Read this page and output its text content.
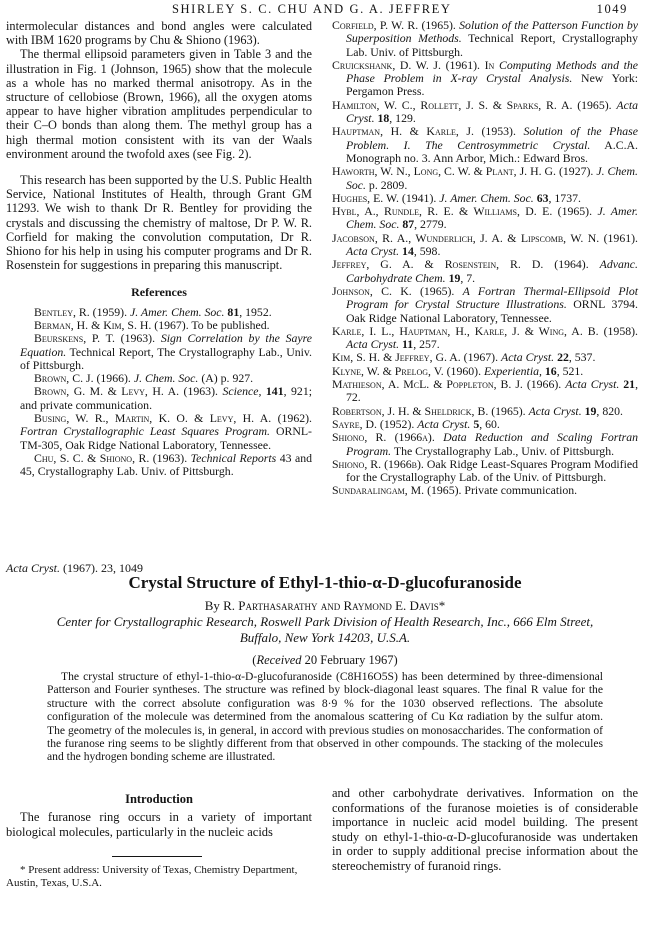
SHIRLEY S. C. CHU AND G. A. JEFFREY	1049

intermolecular distances and bond angles were calculated with IBM 1620 programs by Chu & Shiono (1963).

The thermal ellipsoid parameters given in Table 3 and the illustration in Fig. 1 (Johnson, 1965) show that the molecule as a whole has no marked thermal anisotropy. As in the structure of cellobiose (Brown, 1966), all the oxygen atoms appear to have higher vibration amplitudes perpendicular to their C–O bonds than along them. The methyl group has a high thermal motion consistent with its van der Waals environment around the twofold axes (see Fig. 2).

This research has been supported by the U.S. Public Health Service, National Institutes of Health, through Grant GM 11293. We wish to thank Dr R. Bentley for providing the crystals and discussing the chemistry of maltose, Dr P. W. R. Corfield for making the convolution computation, Dr R. Shiono for his help in using his computer programs and Dr R. Rosenstein for suggestions in preparing this manuscript.

References

Bentley, R. (1959). J. Amer. Chem. Soc. 81, 1952.

Berman, H. & Kim, S. H. (1967). To be published.

Beurskens, P. T. (1963). Sign Correlation by the Sayre Equation. Technical Report, The Crystallography Lab., Univ. of Pittsburgh.

Brown, C. J. (1966). J. Chem. Soc. (A) p. 927.

Brown, G. M. & Levy, H. A. (1963). Science, 141, 921; and private communication.

Busing, W. R., Martin, K. O. & Levy, H. A. (1962). Fortran Crystallographic Least Squares Program. ORNL-TM-305, Oak Ridge National Laboratory, Tennessee.

Chu, S. C. & Shiono, R. (1963). Technical Reports 43 and 45, Crystallography Lab. Univ. of Pittsburgh.

Corfield, P. W. R. (1965). Solution of the Patterson Function by Superposition Methods. Technical Report, Crystallography Lab. Univ. of Pittsburgh.

Cruickshank, D. W. J. (1961). In Computing Methods and the Phase Problem in X-ray Crystal Analysis. New York: Pergamon Press.

Hamilton, W. C., Rollett, J. S. & Sparks, R. A. (1965). Acta Cryst. 18, 129.

Hauptman, H. & Karle, J. (1953). Solution of the Phase Problem. I. The Centrosymmetric Crystal. A.C.A. Monograph no. 3. Ann Arbor, Mich.: Edward Bros.

Haworth, W. N., Long, C. W. & Plant, J. H. G. (1927). J. Chem. Soc. p. 2809.

Hughes, E. W. (1941). J. Amer. Chem. Soc. 63, 1737.

Hybl, A., Rundle, R. E. & Williams, D. E. (1965). J. Amer. Chem. Soc. 87, 2779.

Jacobson, R. A., Wunderlich, J. A. & Lipscomb, W. N. (1961). Acta Cryst. 14, 598.

Jeffrey, G. A. & Rosenstein, R. D. (1964). Advanc. Carbohydrate Chem. 19, 7.

Johnson, C. K. (1965). A Fortran Thermal-Ellipsoid Plot Program for Crystal Structure Illustrations. ORNL 3794. Oak Ridge National Laboratory, Tennessee.

Karle, I. L., Hauptman, H., Karle, J. & Wing, A. B. (1958). Acta Cryst. 11, 257.

Kim, S. H. & Jeffrey, G. A. (1967). Acta Cryst. 22, 537.

Klyne, W. & Prelog, V. (1960). Experientia, 16, 521.

Mathieson, A. McL. & Poppleton, B. J. (1966). Acta Cryst. 21, 72.

Robertson, J. H. & Sheldrick, B. (1965). Acta Cryst. 19, 820.

Sayre, D. (1952). Acta Cryst. 5, 60.

Shiono, R. (1966a). Data Reduction and Scaling Fortran Program. The Crystallography Lab., Univ. of Pittsburgh.

Shiono, R. (1966b). Oak Ridge Least-Squares Program Modified for the Crystallography Lab. of the Univ. of Pittsburgh.

Sundaralingam, M. (1965). Private communication.

Acta Cryst. (1967). 23, 1049
Crystal Structure of Ethyl-1-thio-α-D-glucofuranoside
By R. Parthasarathy and Raymond E. Davis*
Center for Crystallographic Research, Roswell Park Division of Health Research, Inc., 666 Elm Street, Buffalo, New York 14203, U.S.A.
(Received 20 February 1967)

The crystal structure of ethyl-1-thio-α-D-glucofuranoside (C8H16O5S) has been determined by three-dimensional Patterson and Fourier syntheses. The structure was refined by block-diagonal least squares. The final R value for the structure with the correct absolute configuration was 8·9 % for the 1030 observed reflections. The absolute configuration of the molecule was determined from the anomalous scattering of Cu Kα radiation by the sulfur atom. The geometry of the molecules is, in general, in accord with previous studies on monosaccharides. The conformation of the furanose ring seems to be slightly different from that observed in other compounds. The stacking of the molecules and the hydrogen bonding scheme are illustrated.

Introduction

The furanose ring occurs in a variety of important biological molecules, particularly in the nucleic acids

* Present address: University of Texas, Chemistry Department, Austin, Texas, U.S.A.

and other carbohydrate derivatives. Information on the conformations of the furanose moieties is of considerable importance in nucleic acid model building. The present study on ethyl-1-thio-α-D-glucofuranoside was undertaken in order to supply additional precise information about the stereochemistry of furanoid rings.
